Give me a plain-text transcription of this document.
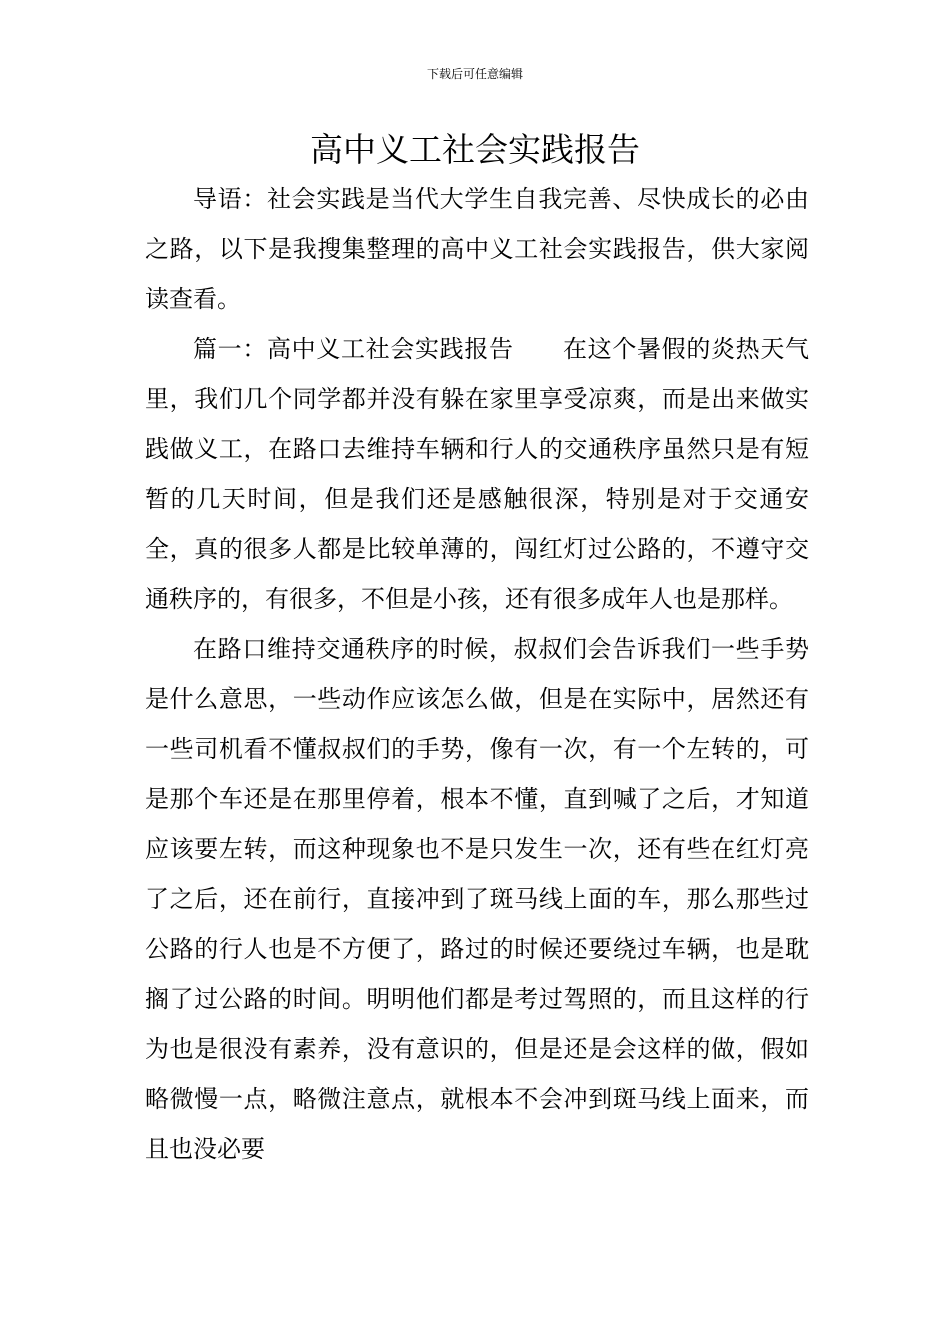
下载后可任意编辑
高中义工社会实践报告

导语：社会实践是当代大学生自我完善、尽快成长的必由之路，以下是我搜集整理的高中义工社会实践报告，供大家阅读查看。

篇一：高中义工社会实践报告　　在这个暑假的炎热天气里，我们几个同学都并没有躲在家里享受凉爽，而是出来做实践做义工，在路口去维持车辆和行人的交通秩序虽然只是有短暂的几天时间，但是我们还是感触很深，特别是对于交通安全，真的很多人都是比较单薄的，闯红灯过公路的，不遵守交通秩序的，有很多，不但是小孩，还有很多成年人也是那样。

在路口维持交通秩序的时候，叔叔们会告诉我们一些手势是什么意思，一些动作应该怎么做，但是在实际中，居然还有一些司机看不懂叔叔们的手势，像有一次，有一个左转的，可是那个车还是在那里停着，根本不懂，直到喊了之后，才知道应该要左转，而这种现象也不是只发生一次，还有些在红灯亮了之后，还在前行，直接冲到了斑马线上面的车，那么那些过公路的行人也是不方便了，路过的时候还要绕过车辆，也是耽搁了过公路的时间。明明他们都是考过驾照的，而且这样的行为也是很没有素养，没有意识的，但是还是会这样的做，假如略微慢一点，略微注意点，就根本不会冲到斑马线上面来，而且也没必要
